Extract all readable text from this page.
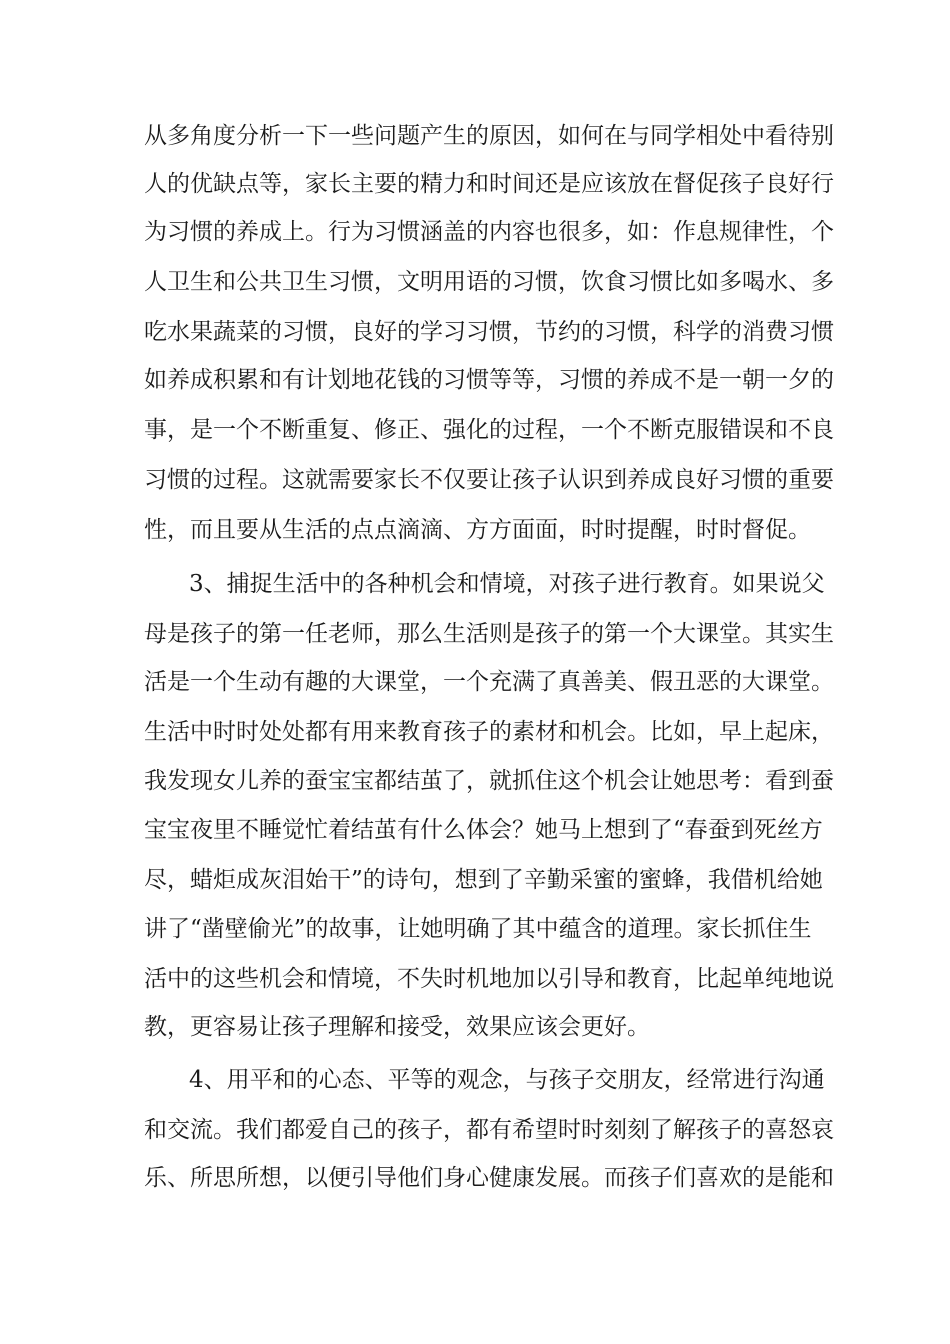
从多角度分析一下一些问题产生的原因，如何在与同学相处中看待别
人的优缺点等，家长主要的精力和时间还是应该放在督促孩子良好行
为习惯的养成上。行为习惯涵盖的内容也很多，如：作息规律性，个
人卫生和公共卫生习惯，文明用语的习惯，饮食习惯比如多喝水、多
吃水果蔬菜的习惯，良好的学习习惯，节约的习惯，科学的消费习惯
如养成积累和有计划地花钱的习惯等等，习惯的养成不是一朝一夕的
事，是一个不断重复、修正、强化的过程，一个不断克服错误和不良
习惯的过程。这就需要家长不仅要让孩子认识到养成良好习惯的重要
性，而且要从生活的点点滴滴、方方面面，时时提醒，时时督促。
3、捕捉生活中的各种机会和情境，对孩子进行教育。如果说父
母是孩子的第一任老师，那么生活则是孩子的第一个大课堂。其实生
活是一个生动有趣的大课堂，一个充满了真善美、假丑恶的大课堂。
生活中时时处处都有用来教育孩子的素材和机会。比如，早上起床，
我发现女儿养的蚕宝宝都结茧了，就抓住这个机会让她思考：看到蚕
宝宝夜里不睡觉忙着结茧有什么体会？她马上想到了“春蚕到死丝方
尽，蜡炬成灰泪始干”的诗句，想到了辛勤采蜜的蜜蜂，我借机给她
讲了“凿壁偷光”的故事，让她明确了其中蕴含的道理。家长抓住生
活中的这些机会和情境，不失时机地加以引导和教育，比起单纯地说
教，更容易让孩子理解和接受，效果应该会更好。
4、用平和的心态、平等的观念，与孩子交朋友，经常进行沟通
和交流。我们都爱自己的孩子，都有希望时时刻刻了解孩子的喜怒哀
乐、所思所想，以便引导他们身心健康发展。而孩子们喜欢的是能和
